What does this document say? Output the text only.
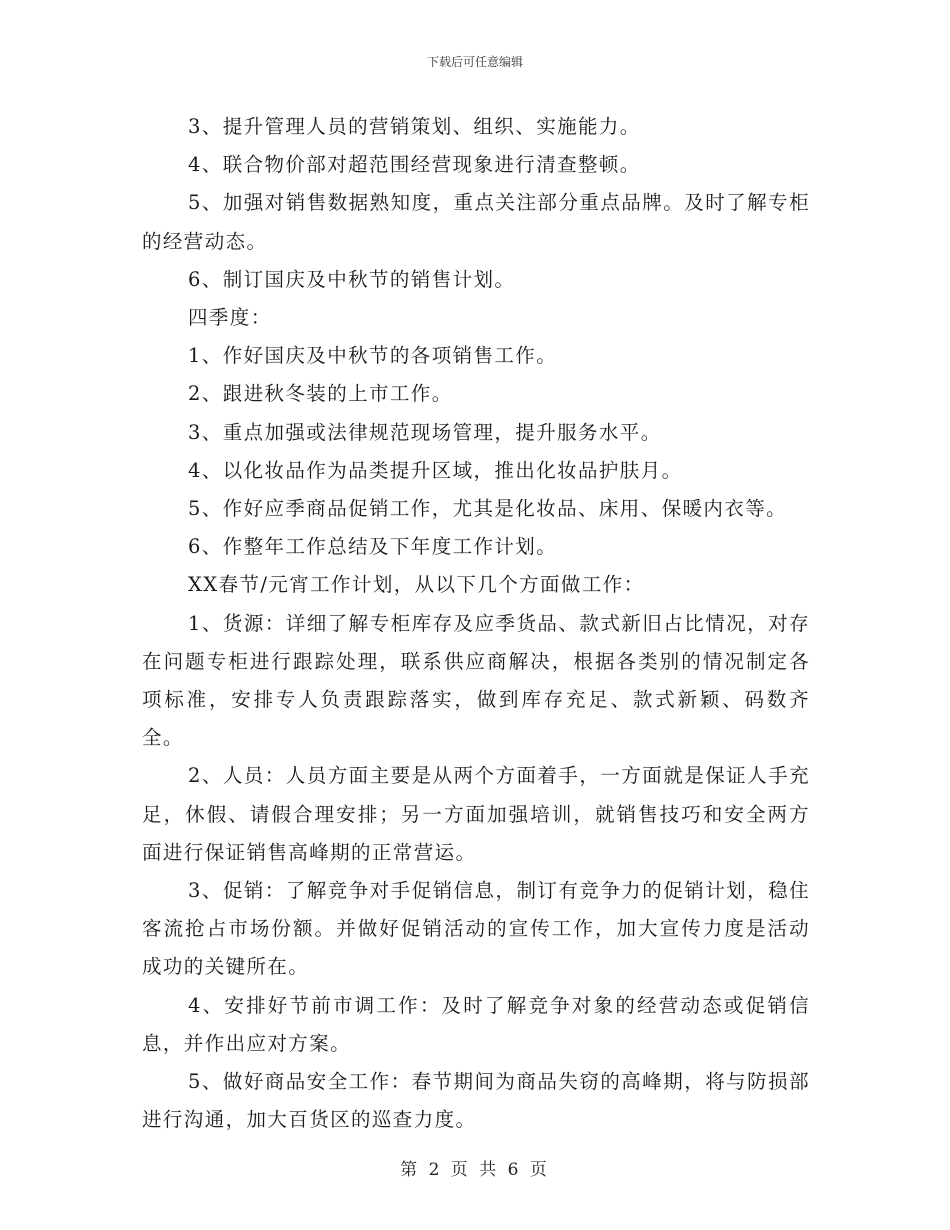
下载后可任意编辑

3、提升管理人员的营销策划、组织、实施能力。

4、联合物价部对超范围经营现象进行清查整顿。

5、加强对销售数据熟知度，重点关注部分重点品牌。及时了解专柜的经营动态。

6、制订国庆及中秋节的销售计划。

四季度：

1、作好国庆及中秋节的各项销售工作。

2、跟进秋冬装的上市工作。

3、重点加强或法律规范现场管理，提升服务水平。

4、以化妆品作为品类提升区域，推出化妆品护肤月。

5、作好应季商品促销工作，尤其是化妆品、床用、保暖内衣等。

6、作整年工作总结及下年度工作计划。

XX春节/元宵工作计划，从以下几个方面做工作：

1、货源：详细了解专柜库存及应季货品、款式新旧占比情况，对存在问题专柜进行跟踪处理，联系供应商解决，根据各类别的情况制定各项标准，安排专人负责跟踪落实，做到库存充足、款式新颖、码数齐全。

2、人员：人员方面主要是从两个方面着手，一方面就是保证人手充足，休假、请假合理安排；另一方面加强培训，就销售技巧和安全两方面进行保证销售高峰期的正常营运。

3、促销：了解竞争对手促销信息，制订有竞争力的促销计划，稳住客流抢占市场份额。并做好促销活动的宣传工作，加大宣传力度是活动成功的关键所在。

4、安排好节前市调工作：及时了解竞争对象的经营动态或促销信息，并作出应对方案。

5、做好商品安全工作：春节期间为商品失窃的高峰期，将与防损部进行沟通，加大百货区的巡查力度。

第 2 页 共 6 页
